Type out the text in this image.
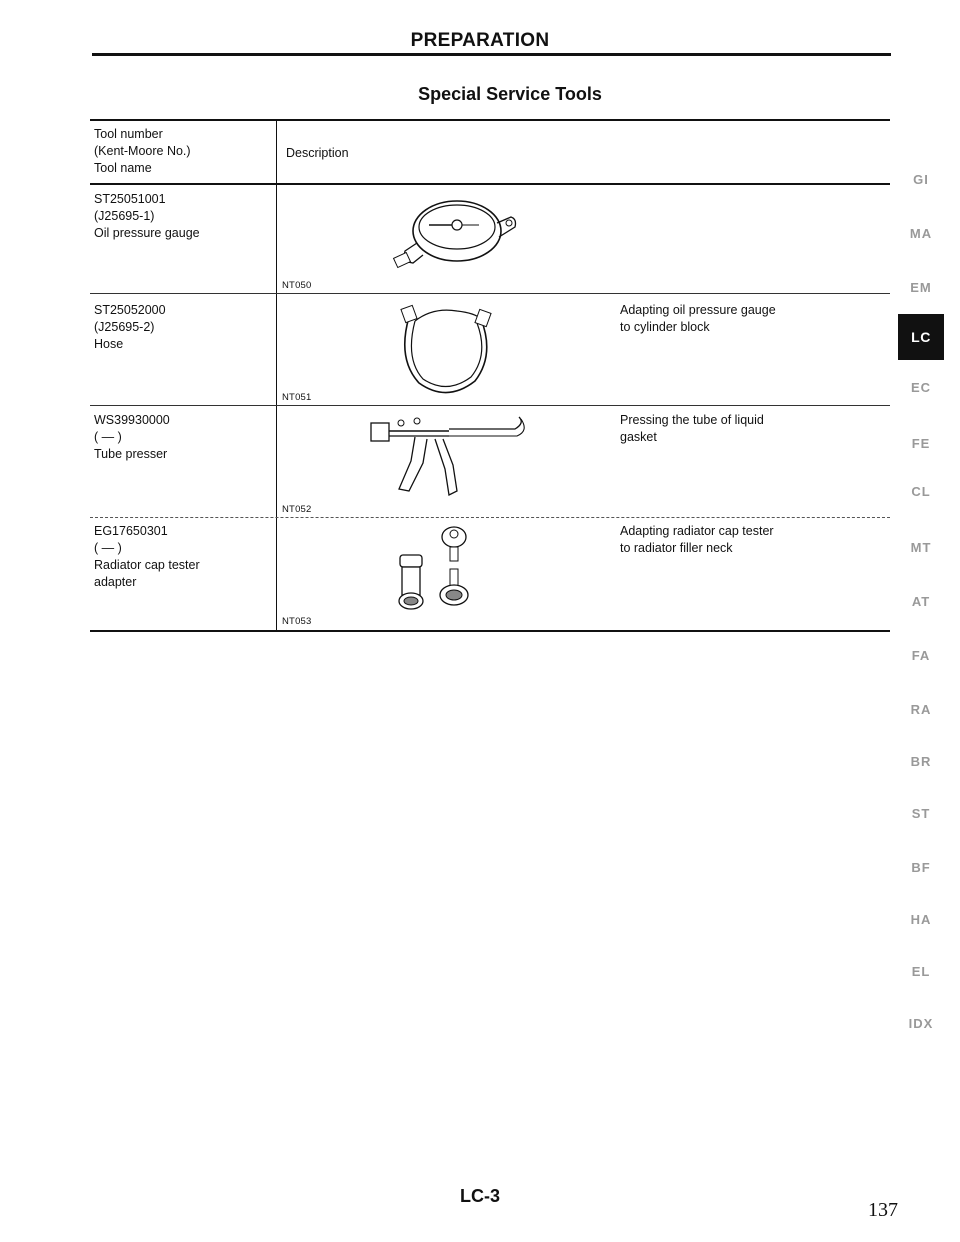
PREPARATION
Special Service Tools
Tool number
(Kent-Moore No.)
Tool name
Description
ST25051001
(J25695-1)
Oil pressure gauge
NT050
ST25052000
(J25695-2)
Hose
NT051
Adapting oil pressure gauge
to cylinder block
WS39930000
( — )
Tube presser
NT052
Pressing the tube of liquid
gasket
EG17650301
( — )
Radiator cap tester
adapter
NT053
Adapting radiator cap tester
to radiator filler neck
GI
MA
EM
LC
EC
FE
CL
MT
AT
FA
RA
BR
ST
BF
HA
EL
IDX
LC-3
137
